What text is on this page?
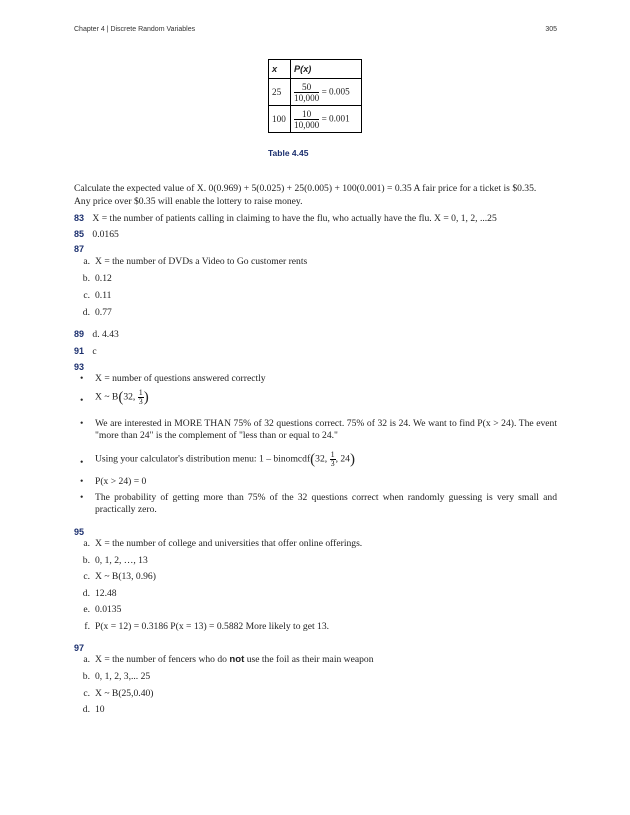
Chapter 4 | Discrete Random Variables	305
x	P(x)
25	$\frac{50}{10,000} = 0.005$
100	$\frac{10}{10,000} = 0.001$
Table 4.45
Calculate the expected value of X. 0(0.969) + 5(0.025) + 25(0.005) + 100(0.001) = 0.35 A fair price for a ticket is $0.35.
Any price over $0.35 will enable the lottery to raise money.
83 X = the number of patients calling in claiming to have the flu, who actually have the flu. X = 0, 1, 2, ...25
85 0.0165
87
a. X = the number of DVDs a Video to Go customer rents
b. 0.12
c. 0.11
d. 0.77
89 d. 4.43
91 c
93
• X = number of questions answered correctly
• X ~ B(32, $\frac{1}{3}$ )
• We are interested in MORE THAN 75% of 32 questions correct. 75% of 32 is 24. We want to find P(x > 24). The event "more than 24" is the complement of "less than or equal to 24."
• Using your calculator's distribution menu: 1 – binomcdf(32, $\frac{1}{3}$ , 24)
• P(x > 24) = 0
• The probability of getting more than 75% of the 32 questions correct when randomly guessing is very small and practically zero.
95
a. X = the number of college and universities that offer online offerings.
b. 0, 1, 2, …, 13
c. X ~ B(13, 0.96)
d. 12.48
e. 0.0135
f. P(x = 12) = 0.3186 P(x = 13) = 0.5882 More likely to get 13.
97
a. X = the number of fencers who do not use the foil as their main weapon
b. 0, 1, 2, 3,... 25
c. X ~ B(25,0.40)
d. 10
